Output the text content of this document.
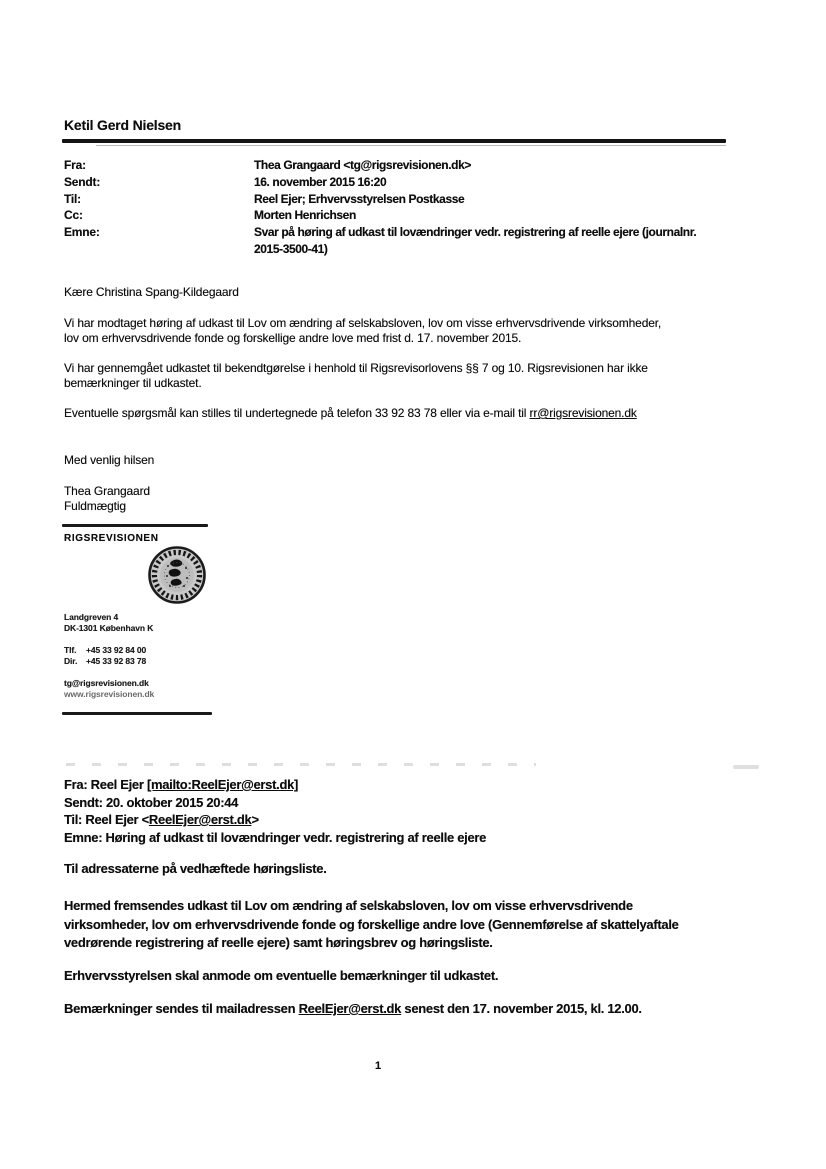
Ketil Gerd Nielsen
Fra:	Thea Grangaard <tg@rigsrevisionen.dk>
Sendt:	16. november 2015 16:20
Til:	Reel Ejer; Erhvervsstyrelsen Postkasse
Cc:	Morten Henrichsen
Emne:	Svar på høring af udkast til lovændringer vedr. registrering af reelle ejere (journalnr.
2015-3500-41)
Kære Christina Spang-Kildegaard
Vi har modtaget høring af udkast til Lov om ændring af selskabsloven, lov om visse erhvervsdrivende virksomheder,
lov om erhvervsdrivende fonde og forskellige andre love med frist d. 17. november 2015.
Vi har gennemgået udkastet til bekendtgørelse i henhold til Rigsrevisorlovens §§ 7 og 10. Rigsrevisionen har ikke
bemærkninger til udkastet.
Eventuelle spørgsmål kan stilles til undertegnede på telefon 33 92 83 78 eller via e-mail til rr@rigsrevisionen.dk
Med venlig hilsen
Thea Grangaard
Fuldmægtig
RIGSREVISIONEN
Landgreven 4
DK-1301 København K
Tlf. +45 33 92 84 00
Dir. +45 33 92 83 78
tg@rigsrevisionen.dk
www.rigsrevisionen.dk
Fra: Reel Ejer [mailto:ReelEjer@erst.dk]
Sendt: 20. oktober 2015 20:44
Til: Reel Ejer <ReelEjer@erst.dk>
Emne: Høring af udkast til lovændringer vedr. registrering af reelle ejere
Til adressaterne på vedhæftede høringsliste.
Hermed fremsendes udkast til Lov om ændring af selskabsloven, lov om visse erhvervsdrivende
virksomheder, lov om erhvervsdrivende fonde og forskellige andre love (Gennemførelse af skattelyaftale
vedrørende registrering af reelle ejere) samt høringsbrev og høringsliste.
Erhvervsstyrelsen skal anmode om eventuelle bemærkninger til udkastet.
Bemærkninger sendes til mailadressen ReelEjer@erst.dk senest den 17. november 2015, kl. 12.00.
1
